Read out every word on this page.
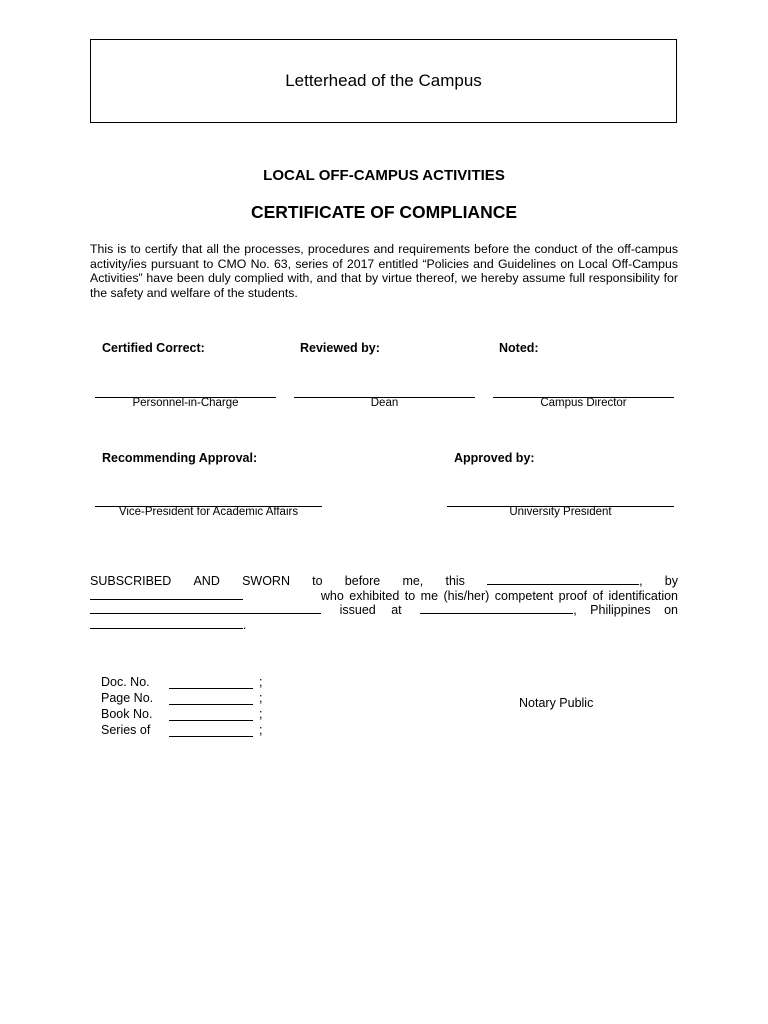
Letterhead of the Campus
LOCAL OFF-CAMPUS ACTIVITIES
CERTIFICATE OF COMPLIANCE

This is to certify that all the processes, procedures and requirements before the conduct of the off-campus activity/ies pursuant to CMO No. 63, series of 2017 entitled “Policies and Guidelines on Local Off-Campus Activities” have been duly complied with, and that by virtue thereof, we hereby assume full responsibility for the safety and welfare of the students.

Certified Correct:	Reviewed by:	Noted:
Personnel-in-Charge	Dean	Campus Director
Recommending Approval:	Approved by:
Vice-President for Academic Affairs	University President
SUBSCRIBED AND SWORN to before me, this	, by
who exhibited to me (his/her) competent proof of identification
issued at	, Philippines on
.
Doc. No.	;
Page No.	;
Book No.	;
Series of	;
Notary Public
